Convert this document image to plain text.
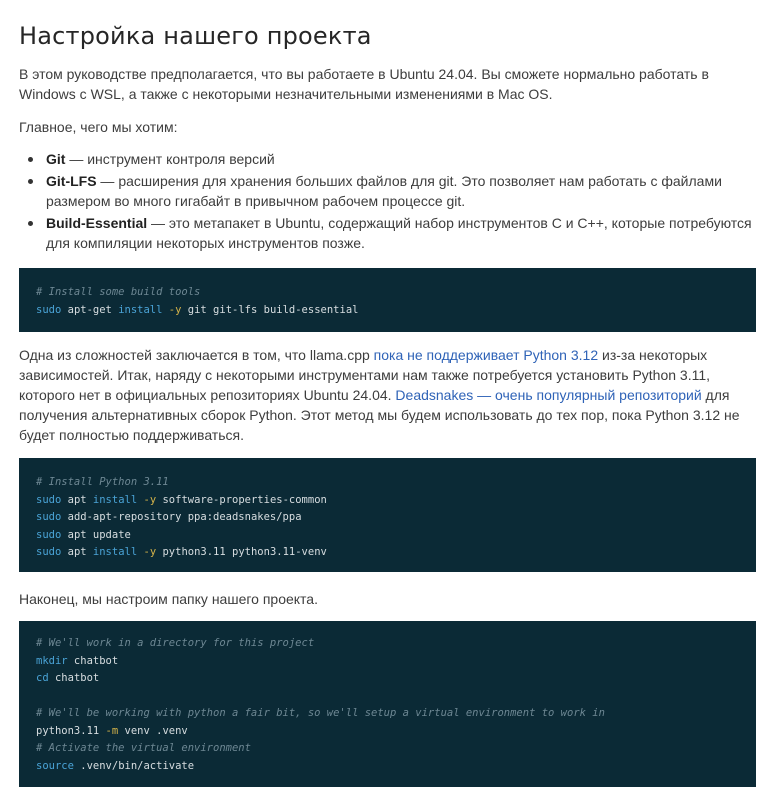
Настройка нашего проекта

В этом руководстве предполагается, что вы работаете в Ubuntu 24.04. Вы сможете нормально работать в Windows с WSL, а также с некоторыми незначительными изменениями в Mac OS.

Главное, чего мы хотим:

Git — инструмент контроля версий
Git-LFS — расширения для хранения больших файлов для git. Это позволяет нам работать с файлами размером во много гигабайт в привычном рабочем процессе git.
Build-Essential — это метапакет в Ubuntu, содержащий набор инструментов C и C++, которые потребуются для компиляции некоторых инструментов позже.
# Install some build tools
sudo apt-get install -y git git-lfs build-essential

Одна из сложностей заключается в том, что llama.cpp пока не поддерживает Python 3.12 из-за некоторых зависимостей. Итак, наряду с некоторыми инструментами нам также потребуется установить Python 3.11, которого нет в официальных репозиториях Ubuntu 24.04. Deadsnakes — очень популярный репозиторий для получения альтернативных сборок Python. Этот метод мы будем использовать до тех пор, пока Python 3.12 не будет полностью поддерживаться.

# Install Python 3.11
sudo apt install -y software-properties-common
sudo add-apt-repository ppa:deadsnakes/ppa
sudo apt update
sudo apt install -y python3.11 python3.11-venv

Наконец, мы настроим папку нашего проекта.

# We'll work in a directory for this project
mkdir chatbot
cd chatbot
# We'll be working with python a fair bit, so we'll setup a virtual environment to work in
python3.11 -m venv .venv
# Activate the virtual environment
source .venv/bin/activate
